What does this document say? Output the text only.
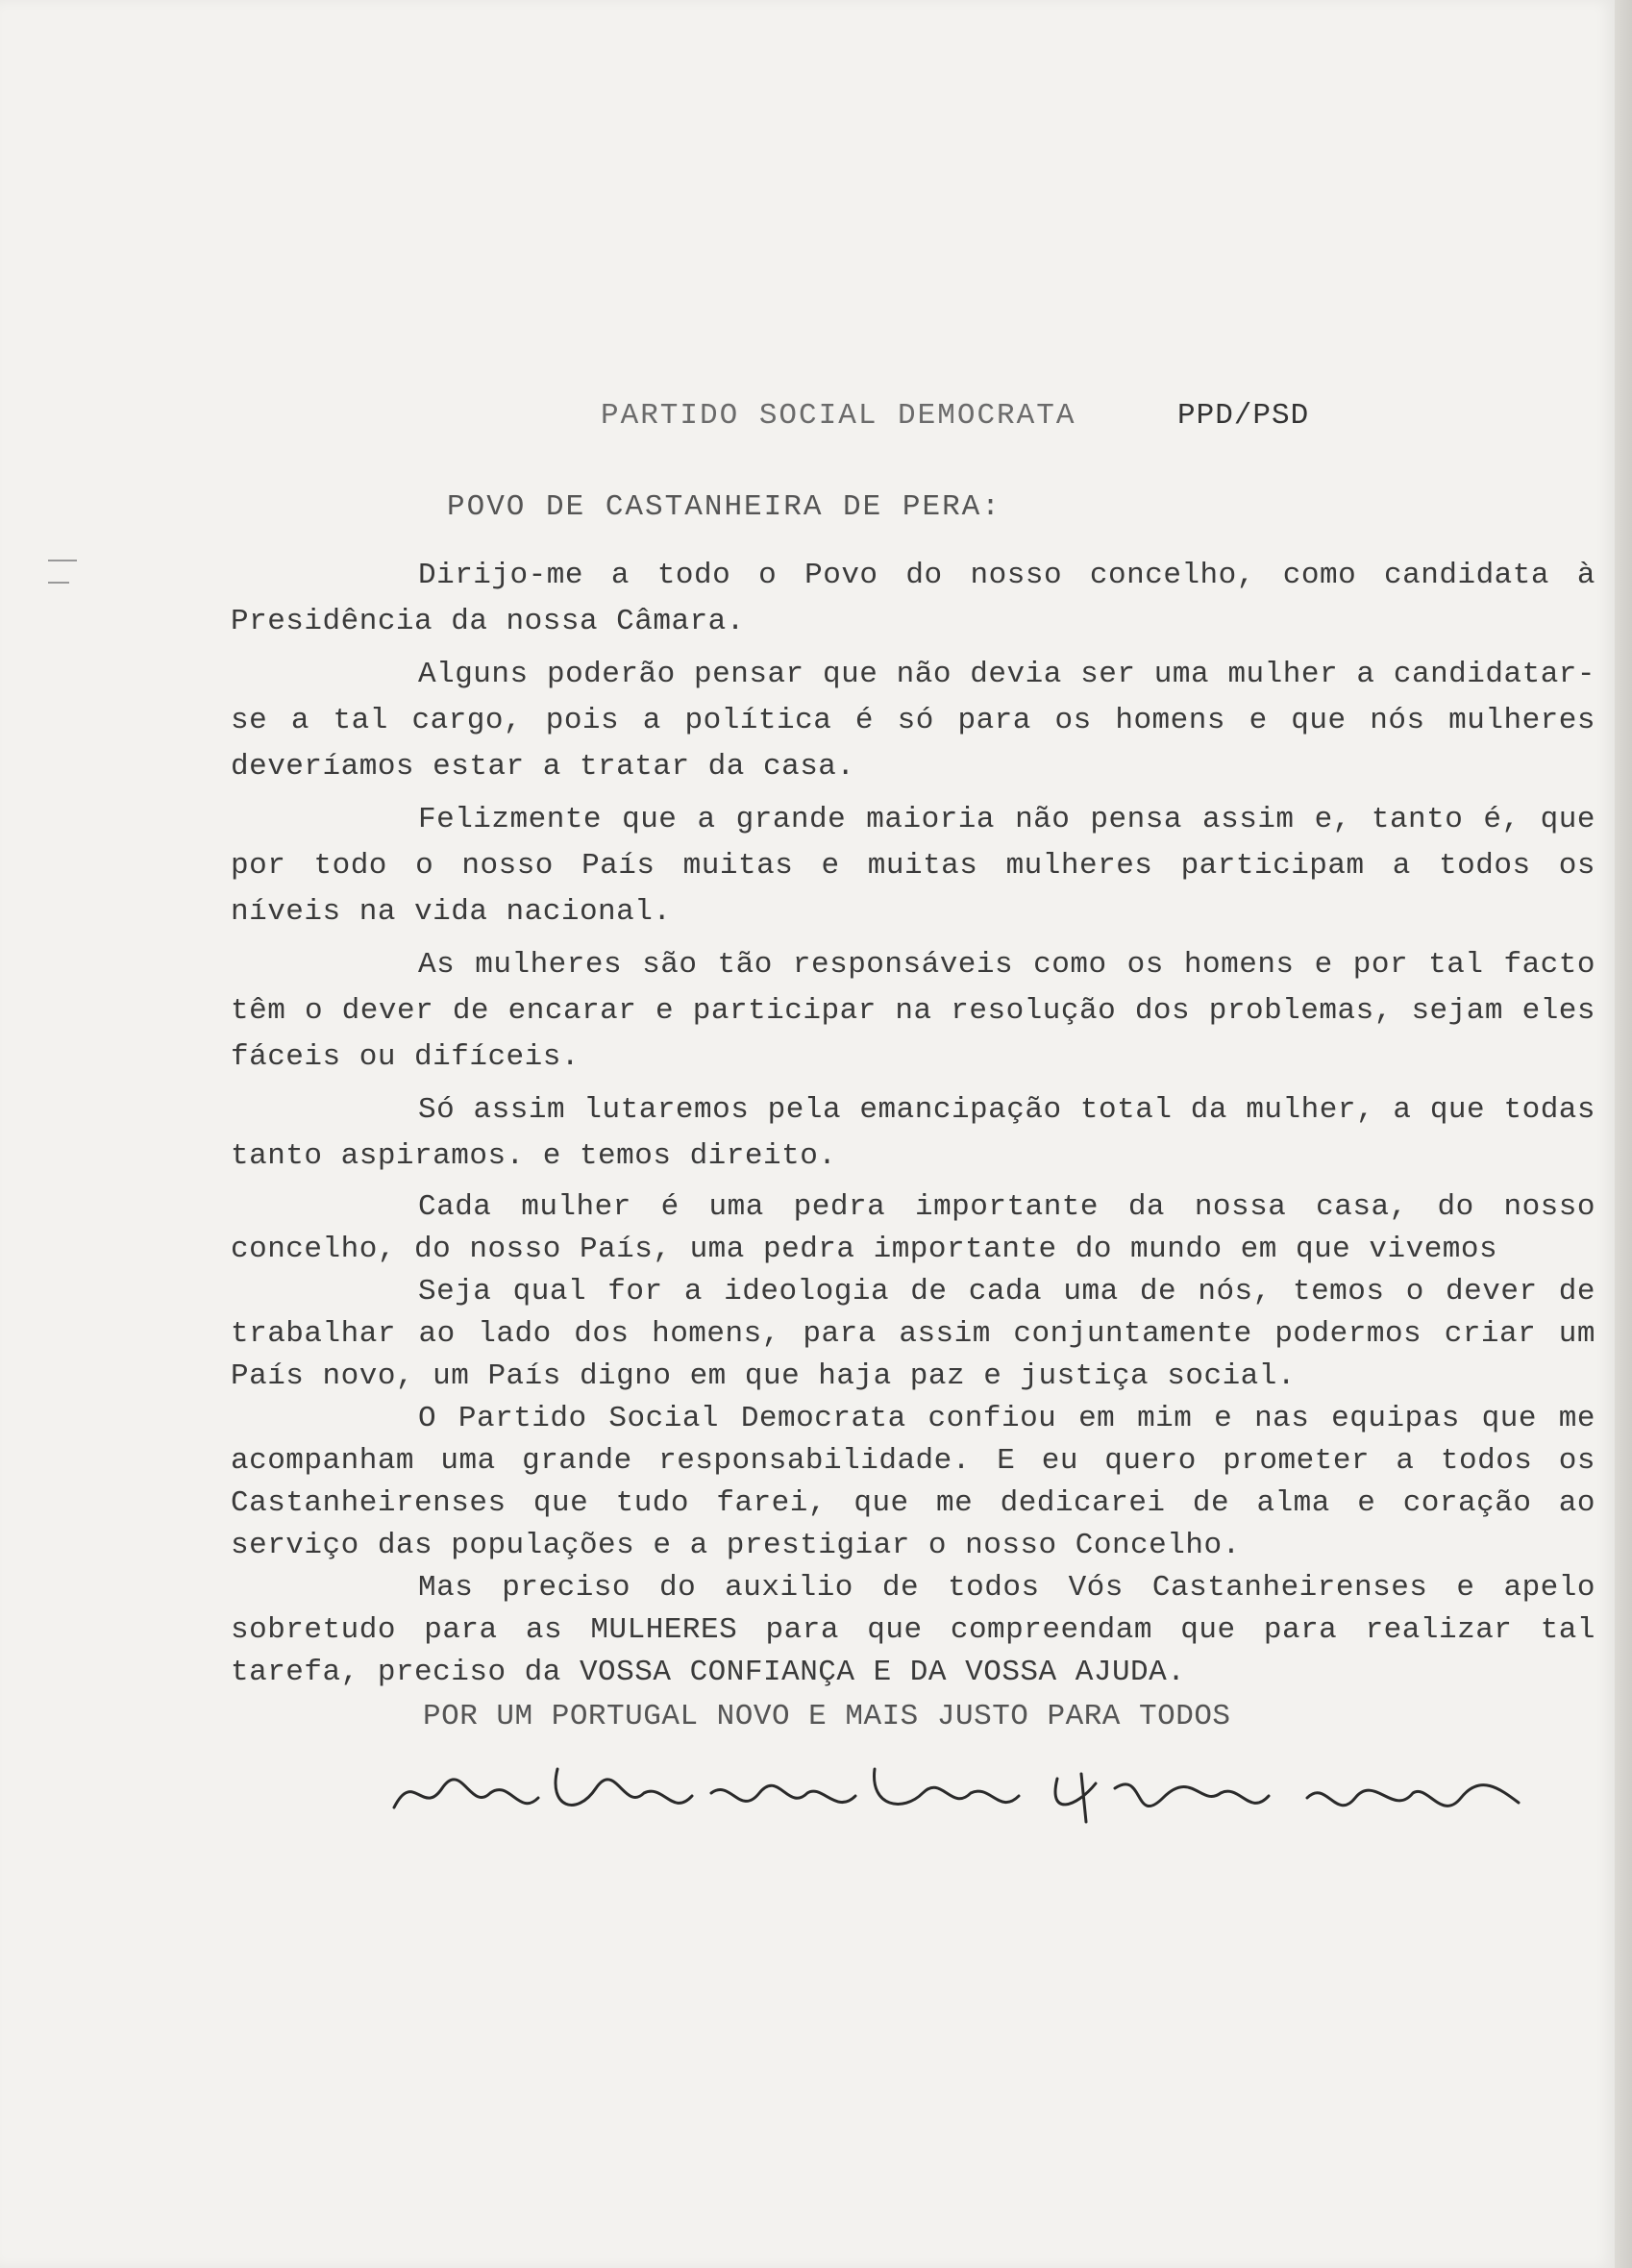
PARTIDO SOCIAL DEMOCRATA	PPD/PSD
POVO DE CASTANHEIRA DE PERA:

Dirijo-me a todo o Povo do nosso concelho, como candidata à Presidência da nossa Câmara.

Alguns poderão pensar que não devia ser uma mulher a candidatar-se a tal cargo, pois a política é só para os homens e que nós mulheres deveríamos estar a tratar da casa.

Felizmente que a grande maioria não pensa assim e, tanto é, que por todo o nosso País muitas e muitas mulheres participam a todos os níveis na vida nacional.

As mulheres são tão responsáveis como os homens e por tal facto têm o dever de encarar e participar na resolução dos problemas, sejam eles fáceis ou difíceis.

Só assim lutaremos pela emancipação total da mulher, a que todas tanto aspiramos. e temos direito.

Cada mulher é uma pedra importante da nossa casa, do nosso concelho, do nosso País, uma pedra importante do mundo em que vivemos

Seja qual for a ideologia de cada uma de nós, temos o dever de trabalhar ao lado dos homens, para assim conjuntamente podermos criar um País novo, um País digno em que haja paz e justiça social.

O Partido Social Democrata confiou em mim e nas equipas que me acompanham uma grande responsabilidade. E eu quero prometer a todos os Castanheirenses que tudo farei, que me dedicarei de alma e coração ao serviço das populações e a prestigiar o nosso Concelho.

Mas preciso do auxilio de todos Vós Castanheirenses e apelo sobretudo para as MULHERES para que compreendam que para realizar tal tarefa, preciso da VOSSA CONFIANÇA E DA VOSSA AJUDA.

POR UM PORTUGAL NOVO E MAIS JUSTO PARA TODOS
